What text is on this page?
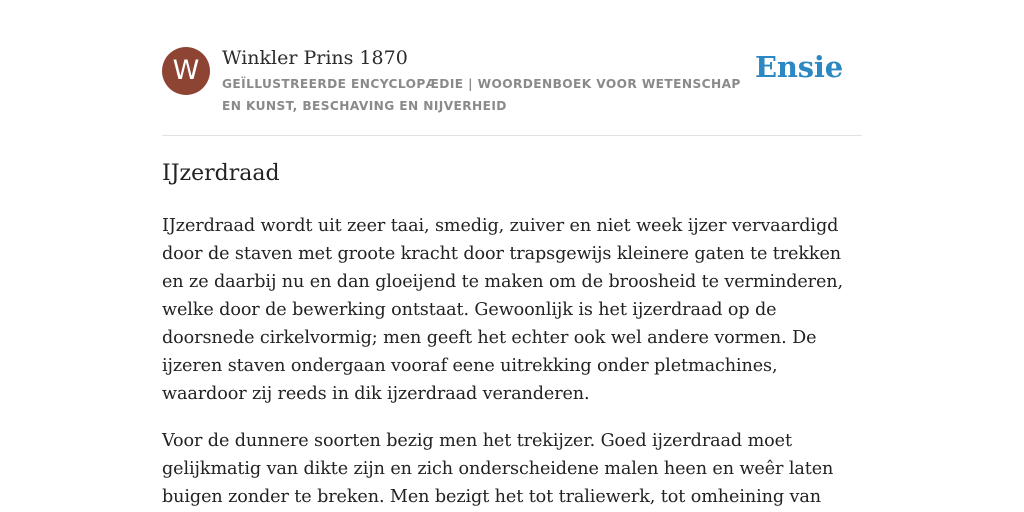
W	Winkler Prins 1870
GEÏLLUSTREERDE ENCYCLOPÆDIE | WOORDENBOEK VOOR WETENSCHAP EN KUNST, BESCHAVING EN NIJVERHEID
Ensie
IJzerdraad

IJzerdraad wordt uit zeer taai, smedig, zuiver en niet week ijzer vervaardigd door de staven met groote kracht door trapsgewijs kleinere gaten te trekken en ze daarbij nu en dan gloeijend te maken om de broosheid te verminderen, welke door de bewerking ontstaat. Gewoonlijk is het ijzerdraad op de doorsnede cirkelvormig; men geeft het echter ook wel andere vormen. De ijzeren staven ondergaan vooraf eene uitrekking onder pletmachines, waardoor zij reeds in dik ijzerdraad veranderen.

Voor de dunnere soorten bezig men het trekijzer. Goed ijzerdraad moet gelijkmatig van dikte zijn en zich onderscheidene malen heen en weêr laten buigen zonder te breken. Men bezigt het tot traliewerk, tot omheining van
